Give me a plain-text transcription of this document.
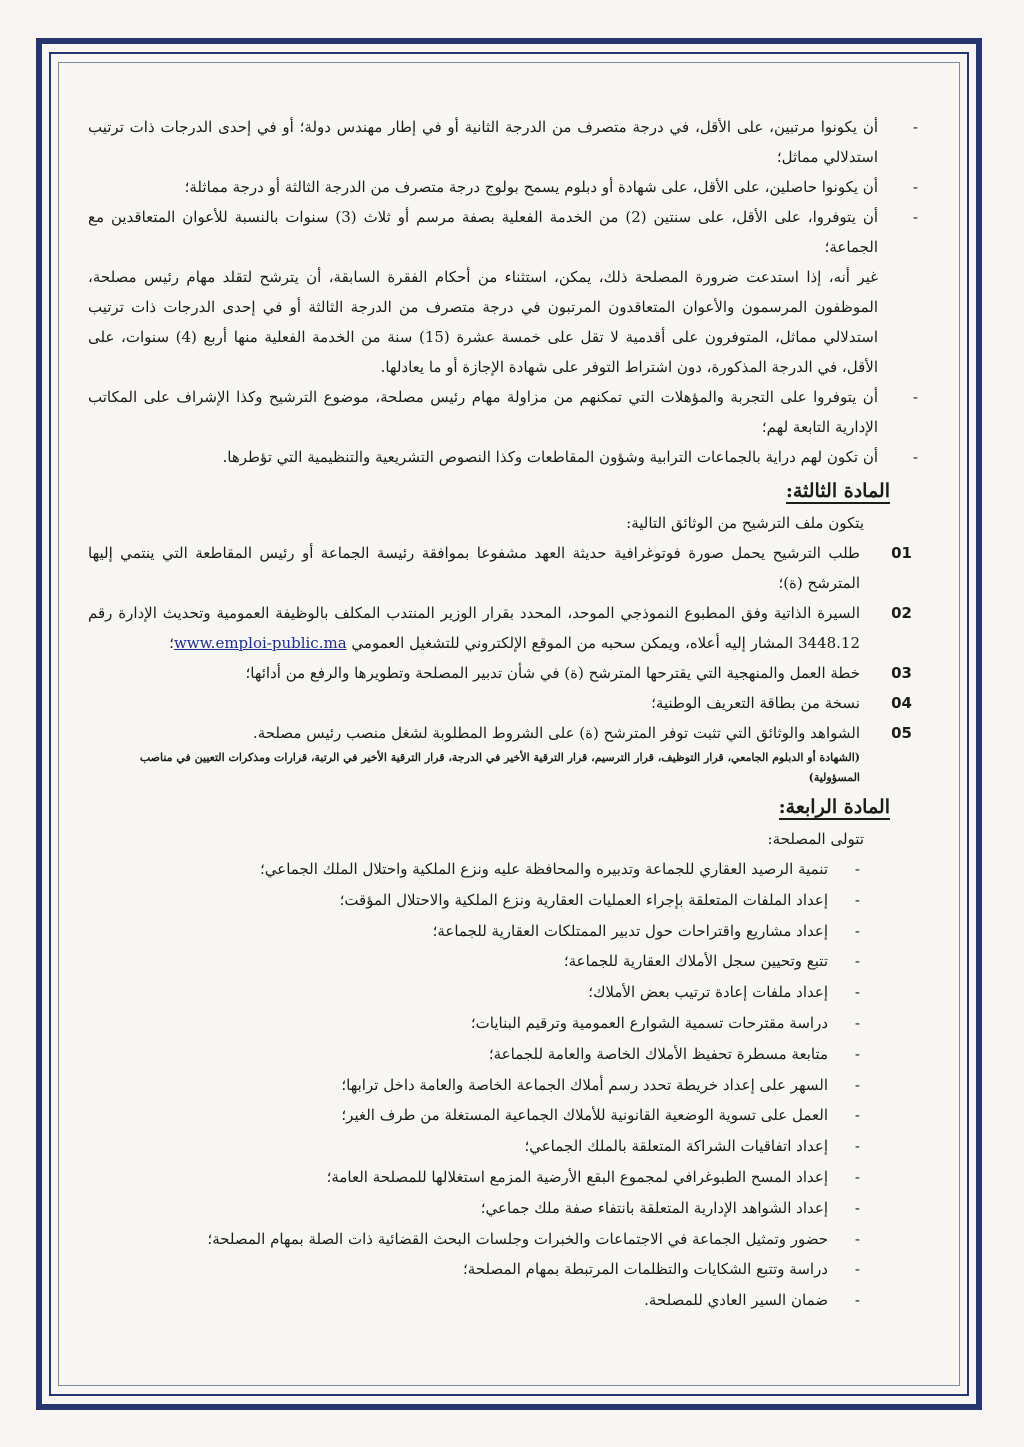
-
أن يكونوا مرتبين، على الأقل، في درجة متصرف من الدرجة الثانية أو في إطار مهندس دولة؛ أو في إحدى الدرجات ذات ترتيب استدلالي مماثل؛
-
أن يكونوا حاصلين، على الأقل، على شهادة أو دبلوم يسمح بولوج درجة متصرف من الدرجة الثالثة أو درجة مماثلة؛
-
أن يتوفروا، على الأقل، على سنتين (2) من الخدمة الفعلية بصفة مرسم أو ثلاث (3) سنوات بالنسبة للأعوان المتعاقدين مع الجماعة؛
غير أنه، إذا استدعت ضرورة المصلحة ذلك، يمكن، استثناء من أحكام الفقرة السابقة، أن يترشح لتقلد مهام رئيس مصلحة، الموظفون المرسمون والأعوان المتعاقدون المرتبون في درجة متصرف من الدرجة الثالثة أو في إحدى الدرجات ذات ترتيب استدلالي مماثل، المتوفرون على أقدمية لا تقل على خمسة عشرة (15) سنة من الخدمة الفعلية منها أربع (4) سنوات، على الأقل، في الدرجة المذكورة، دون اشتراط التوفر على شهادة الإجازة أو ما يعادلها.
-
أن يتوفروا على التجربة والمؤهلات التي تمكنهم من مزاولة مهام رئيس مصلحة، موضوع الترشيح وكذا الإشراف على المكاتب الإدارية التابعة لهم؛
-
أن تكون لهم دراية بالجماعات الترابية وشؤون المقاطعات وكذا النصوص التشريعية والتنظيمية التي تؤطرها.
المادة الثالثة:
يتكون ملف الترشيح من الوثائق التالية:
01
طلب الترشيح يحمل صورة فوتوغرافية حديثة العهد مشفوعا بموافقة رئيسة الجماعة أو رئيس المقاطعة التي ينتمي إليها المترشح (ة)؛
02
السيرة الذاتية وفق المطبوع النموذجي الموحد، المحدد بقرار الوزير المنتدب المكلف بالوظيفة العمومية وتحديث الإدارة رقم 3448.12 المشار إليه أعلاه، ويمكن سحبه من الموقع الإلكتروني للتشغيل العمومي www.emploi-public.ma؛
03
خطة العمل والمنهجية التي يقترحها المترشح (ة) في شأن تدبير المصلحة وتطويرها والرفع من أدائها؛
04
نسخة من بطاقة التعريف الوطنية؛
05
الشواهد والوثائق التي تثبت توفر المترشح (ة) على الشروط المطلوبة لشغل منصب رئيس مصلحة.
(الشهادة أو الدبلوم الجامعي، قرار التوظيف، قرار الترسيم، قرار الترقية الأخير في الدرجة، قرار الترقية الأخير في الرتبة، قرارات ومذكرات التعيين في مناصب المسؤولية)
المادة الرابعة:
تتولى المصلحة:
-
تنمية الرصيد العقاري للجماعة وتدبيره والمحافظة عليه ونزع الملكية واحتلال الملك الجماعي؛
-
إعداد الملفات المتعلقة بإجراء العمليات العقارية ونزع الملكية والاحتلال المؤقت؛
-
إعداد مشاريع واقتراحات حول تدبير الممتلكات العقارية للجماعة؛
-
تتبع وتحيين سجل الأملاك العقارية للجماعة؛
-
إعداد ملفات إعادة ترتيب بعض الأملاك؛
-
دراسة مقترحات تسمية الشوارع العمومية وترقيم البنايات؛
-
متابعة مسطرة تحفيظ الأملاك الخاصة والعامة للجماعة؛
-
السهر على إعداد خريطة تحدد رسم أملاك الجماعة الخاصة والعامة داخل ترابها؛
-
العمل على تسوية الوضعية القانونية للأملاك الجماعية المستغلة من طرف الغير؛
-
إعداد اتفاقيات الشراكة المتعلقة بالملك الجماعي؛
-
إعداد المسح الطبوغرافي لمجموع البقع الأرضية المزمع استغلالها للمصلحة العامة؛
-
إعداد الشواهد الإدارية المتعلقة بانتفاء صفة ملك جماعي؛
-
حضور وتمثيل الجماعة في الاجتماعات والخبرات وجلسات البحث القضائية ذات الصلة بمهام المصلحة؛
-
دراسة وتتبع الشكايات والتظلمات المرتبطة بمهام المصلحة؛
-
ضمان السير العادي للمصلحة.
